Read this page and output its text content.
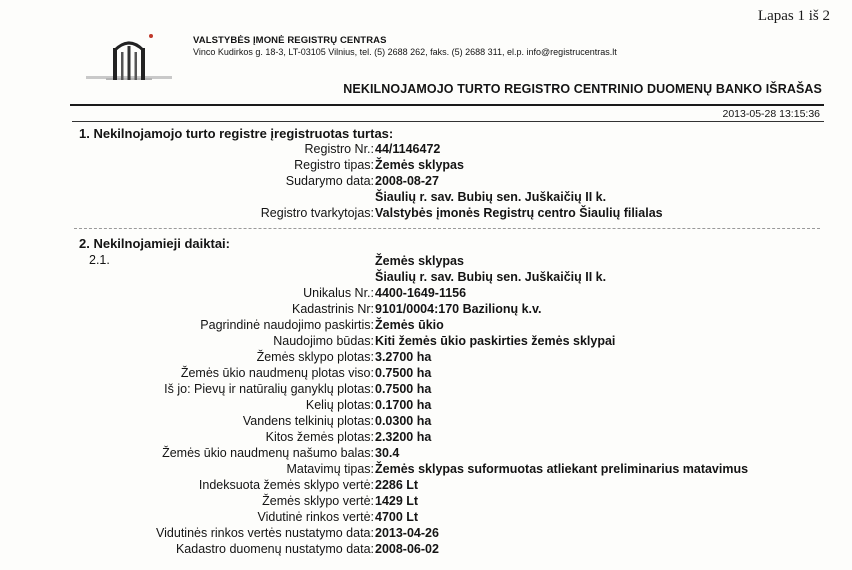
Lapas 1 iš 2
VALSTYBĖS ĮMONĖ REGISTRŲ CENTRAS
Vinco Kudirkos g. 18-3, LT-03105 Vilnius, tel. (5) 2688 262, faks. (5) 2688 311, el.p. info@registrucentras.lt
NEKILNOJAMOJO TURTO REGISTRO CENTRINIO DUOMENŲ BANKO IŠRAŠAS
2013-05-28 13:15:36
1. Nekilnojamojo turto registre įregistruotas turtas:
Registro Nr.: 44/1146472
Registro tipas: Žemės sklypas
Sudarymo data: 2008-08-27
Šiaulių r. sav. Bubių sen. Juškaičių II k.
Registro tvarkytojas: Valstybės įmonės Registrų centro Šiaulių filialas
2. Nekilnojamieji daiktai:
2.1.	Žemės sklypas
Šiaulių r. sav. Bubių sen. Juškaičių II k.
Unikalus Nr.: 4400-1649-1156
Kadastrinis Nr: 9101/0004:170 Bazilionų k.v.
Pagrindinė naudojimo paskirtis: Žemės ūkio
Naudojimo būdas: Kiti žemės ūkio paskirties žemės sklypai
Žemės sklypo plotas: 3.2700 ha
Žemės ūkio naudmenų plotas viso: 0.7500 ha
Iš jo: Pievų ir natūralių ganyklų plotas: 0.7500 ha
Kelių plotas: 0.1700 ha
Vandens telkinių plotas: 0.0300 ha
Kitos žemės plotas: 2.3200 ha
Žemės ūkio naudmenų našumo balas: 30.4
Matavimų tipas: Žemės sklypas suformuotas atliekant preliminarius matavimus
Indeksuota žemės sklypo vertė: 2286 Lt
Žemės sklypo vertė: 1429 Lt
Vidutinė rinkos vertė: 4700 Lt
Vidutinės rinkos vertės nustatymo data: 2013-04-26
Kadastro duomenų nustatymo data: 2008-06-02
